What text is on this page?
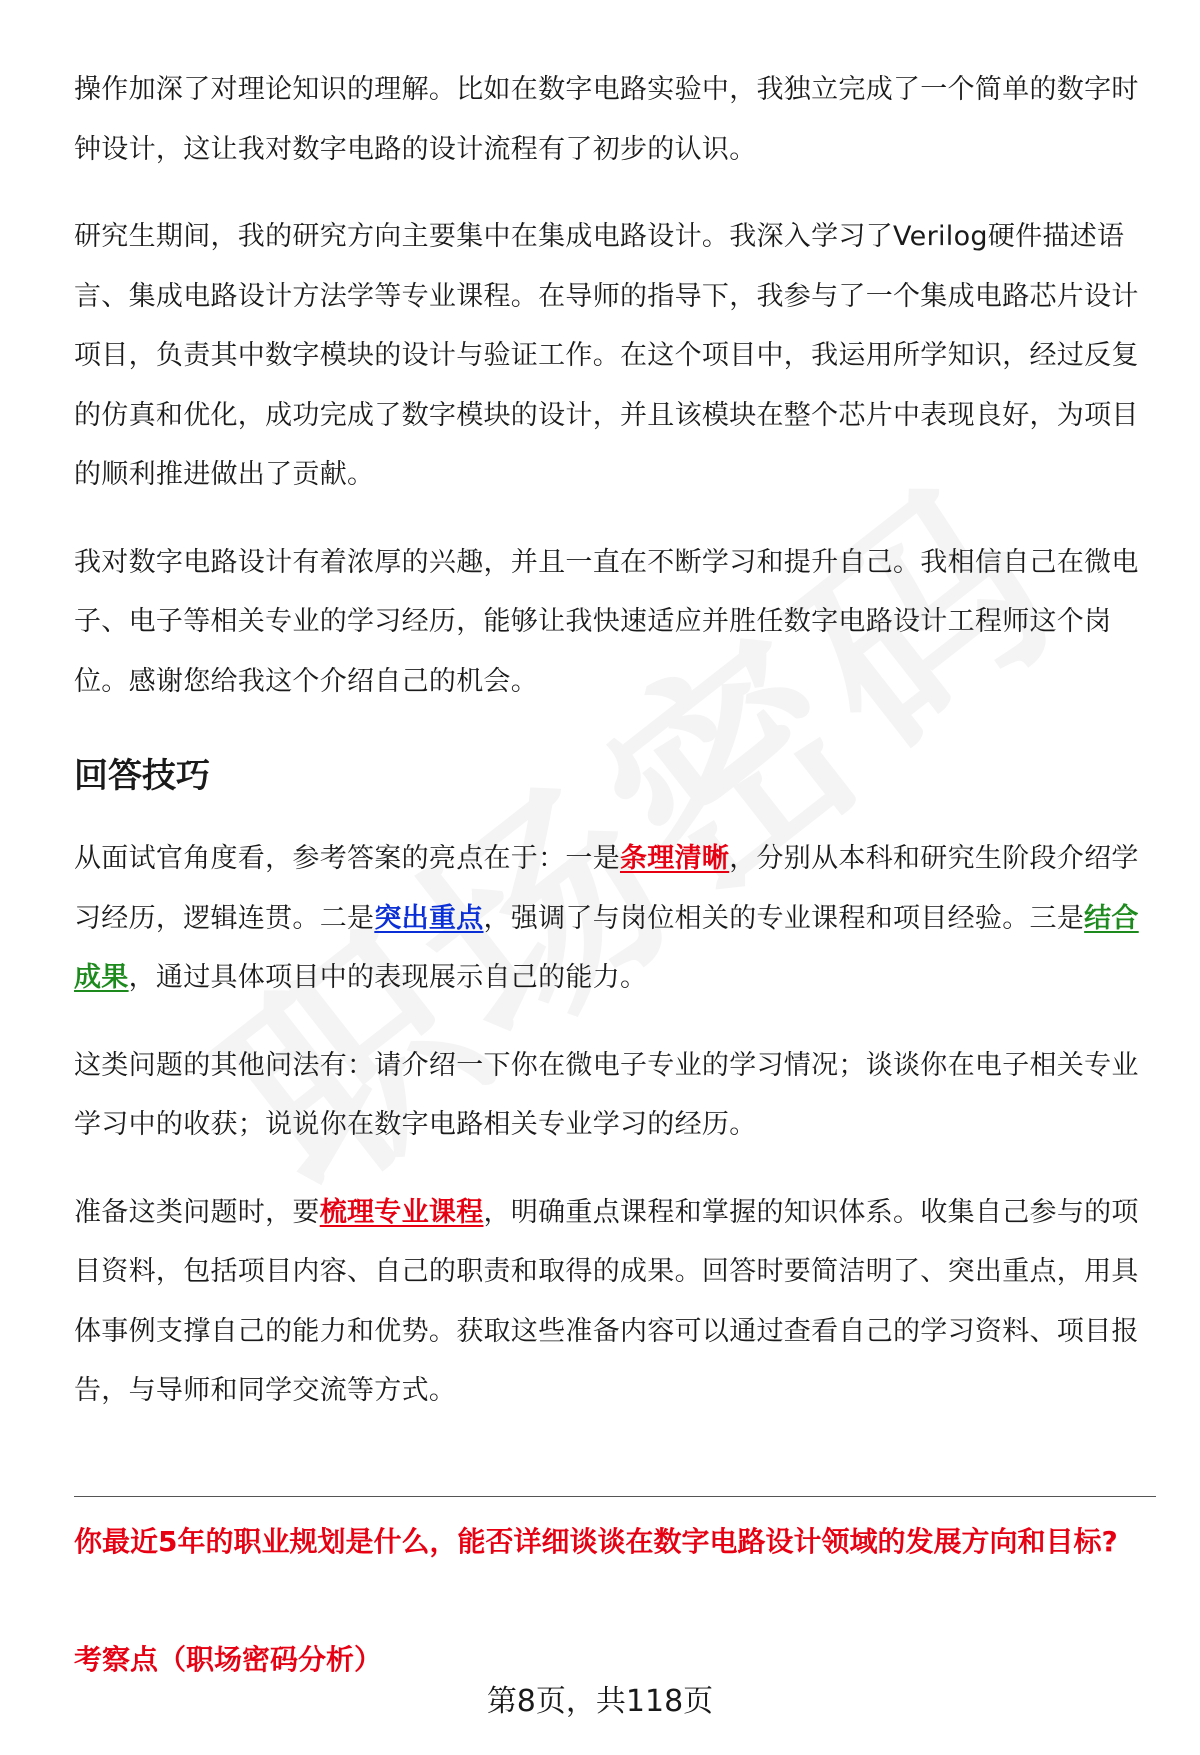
操作加深了对理论知识的理解。比如在数字电路实验中，我独立完成了一个简单的数字时钟设计，这让我对数字电路的设计流程有了初步的认识。

研究生期间，我的研究方向主要集中在集成电路设计。我深入学习了Verilog硬件描述语言、集成电路设计方法学等专业课程。在导师的指导下，我参与了一个集成电路芯片设计项目，负责其中数字模块的设计与验证工作。在这个项目中，我运用所学知识，经过反复的仿真和优化，成功完成了数字模块的设计，并且该模块在整个芯片中表现良好，为项目的顺利推进做出了贡献。

我对数字电路设计有着浓厚的兴趣，并且一直在不断学习和提升自己。我相信自己在微电子、电子等相关专业的学习经历，能够让我快速适应并胜任数字电路设计工程师这个岗位。感谢您给我这个介绍自己的机会。

回答技巧

从面试官角度看，参考答案的亮点在于：一是条理清晰，分别从本科和研究生阶段介绍学习经历，逻辑连贯。二是突出重点，强调了与岗位相关的专业课程和项目经验。三是结合成果，通过具体项目中的表现展示自己的能力。

这类问题的其他问法有：请介绍一下你在微电子专业的学习情况；谈谈你在电子相关专业学习中的收获；说说你在数字电路相关专业学习的经历。

准备这类问题时，要梳理专业课程，明确重点课程和掌握的知识体系。收集自己参与的项目资料，包括项目内容、自己的职责和取得的成果。回答时要简洁明了、突出重点，用具体事例支撑自己的能力和优势。获取这些准备内容可以通过查看自己的学习资料、项目报告，与导师和同学交流等方式。

你最近5年的职业规划是什么，能否详细谈谈在数字电路设计领域的发展方向和目标?
考察点（职场密码分析）
第8页，共118页
